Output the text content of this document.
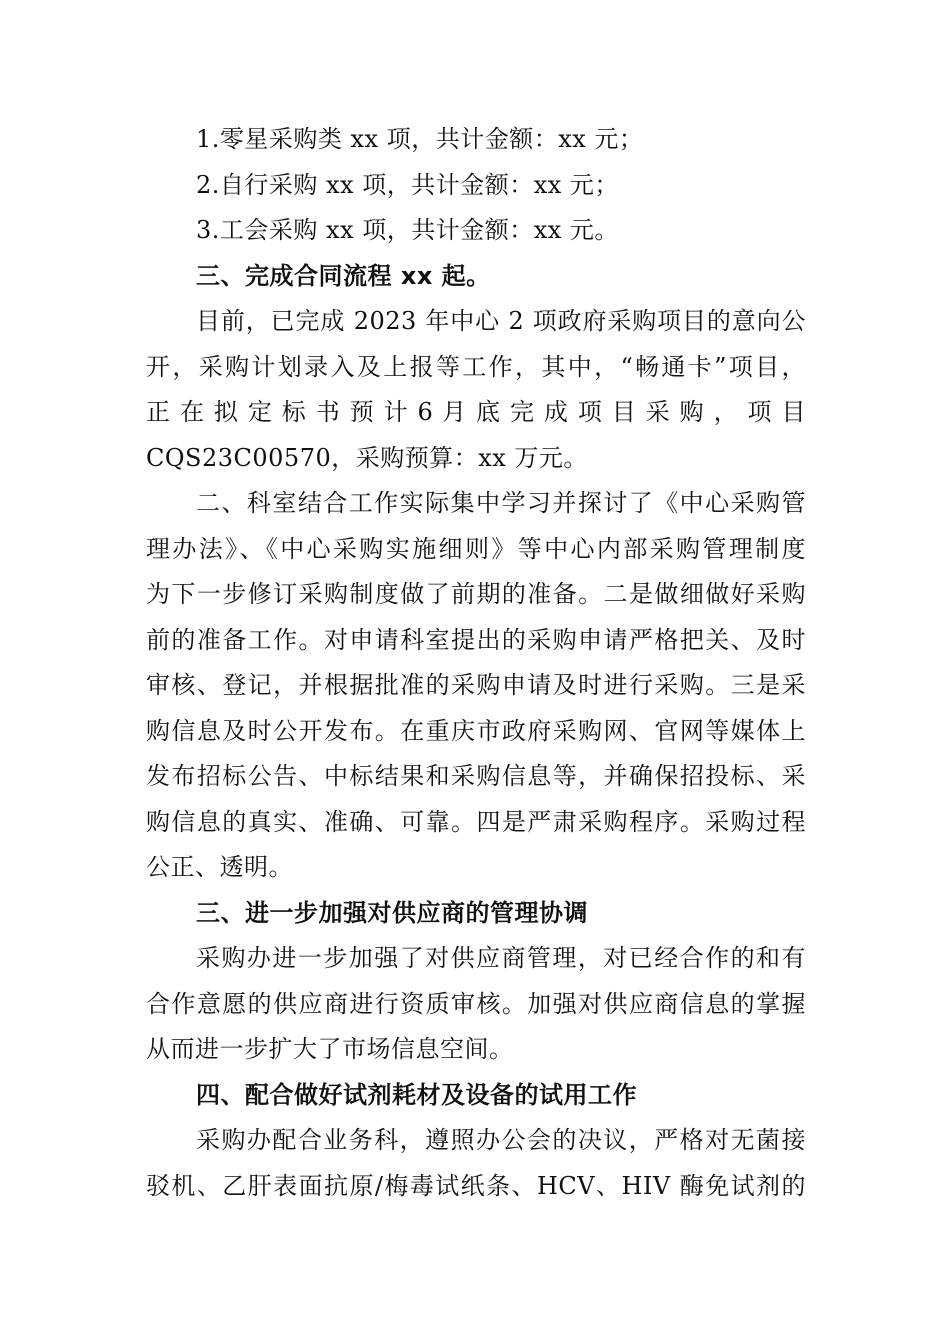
1.零星采购类 xx 项，共计金额：xx 元；
2.自行采购 xx 项，共计金额：xx 元；
3.工会采购 xx 项，共计金额：xx 元。
三、完成合同流程 xx 起。
目前，已完成 2023 年中心 2 项政府采购项目的意向公
开，采购计划录入及上报等工作，其中，“畅通卡”项目，
正 在 拟 定 标 书 预 计 6 月 底 完 成 项 目 采 购 ， 项 目
CQS23C00570，采购预算：xx 万元。
二、科室结合工作实际集中学习并探讨了《中心采购管
理办法》、《中心采购实施细则》等中心内部采购管理制度
为下一步修订采购制度做了前期的准备。二是做细做好采购
前的准备工作。对申请科室提出的采购申请严格把关、及时
审核、登记，并根据批准的采购申请及时进行采购。三是采
购信息及时公开发布。在重庆市政府采购网、官网等媒体上
发布招标公告、中标结果和采购信息等，并确保招投标、采
购信息的真实、准确、可靠。四是严肃采购程序。采购过程
公正、透明。
三、进一步加强对供应商的管理协调
采购办进一步加强了对供应商管理，对已经合作的和有
合作意愿的供应商进行资质审核。加强对供应商信息的掌握
从而进一步扩大了市场信息空间。
四、配合做好试剂耗材及设备的试用工作
采购办配合业务科，遵照办公会的决议，严格对无菌接
驳机、乙肝表面抗原/梅毒试纸条、HCV、HIV 酶免试剂的
